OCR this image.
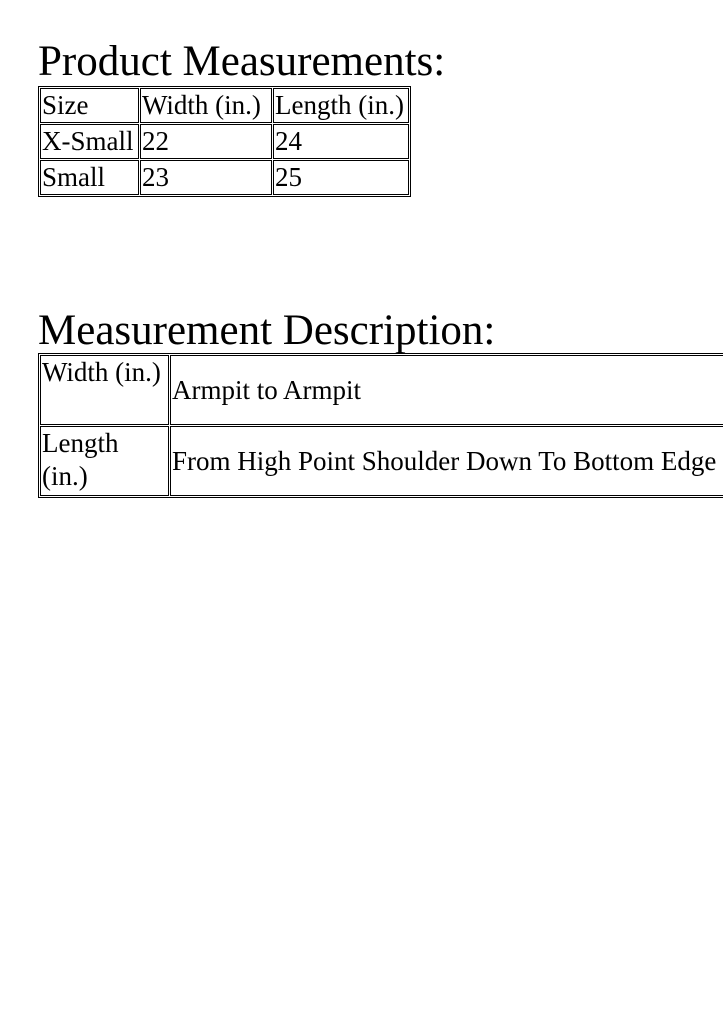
Product Measurements:
Size	Width (in.)	Length (in.)
X-Small	22	24
Small	23	25
Measurement Description:
Width (in.)	Armpit to Armpit
Length (in.)	From High Point Shoulder Down To Bottom Edge
